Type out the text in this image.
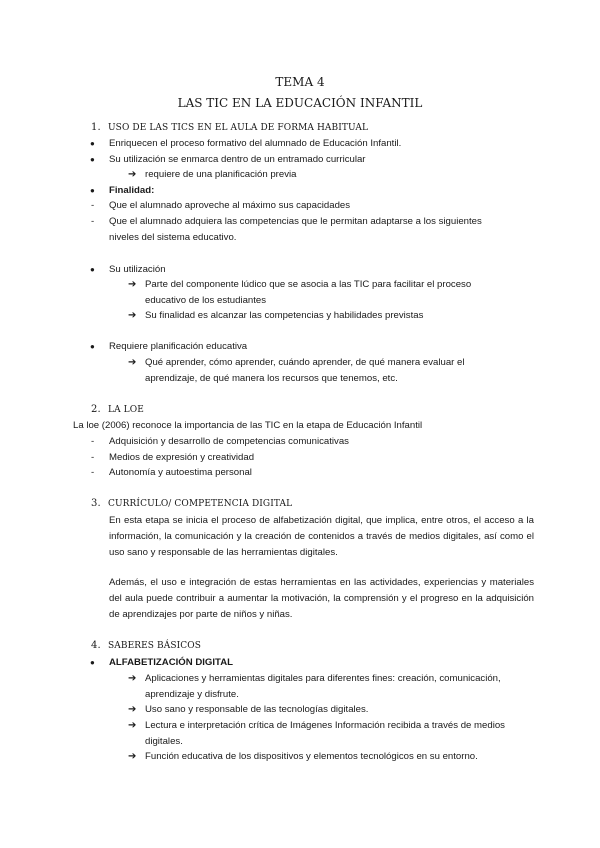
TEMA 4
LAS TIC EN LA EDUCACIÓN INFANTIL
1. USO DE LAS TICS EN EL AULA DE FORMA HABITUAL
● Enriquecen el proceso formativo del alumnado de Educación Infantil.
● Su utilización se enmarca dentro de un entramado curricular
➔ requiere de una planificación previa
● Finalidad:
- Que el alumnado aproveche al máximo sus capacidades
- Que el alumnado adquiera las competencias que le permitan adaptarse a los siguientes
niveles del sistema educativo.
● Su utilización
➔ Parte del componente lúdico que se asocia a las TIC para facilitar el proceso
educativo de los estudiantes
➔ Su finalidad es alcanzar las competencias y habilidades previstas
● Requiere planificación educativa
➔ Qué aprender, cómo aprender, cuándo aprender, de qué manera evaluar el
aprendizaje, de qué manera los recursos que tenemos, etc.
2. LA LOE
La loe (2006) reconoce la importancia de las TIC en la etapa de Educación Infantil
- Adquisición y desarrollo de competencias comunicativas
- Medios de expresión y creatividad
- Autonomía y autoestima personal
3. CURRÍCULO/ COMPETENCIA DIGITAL
En esta etapa se inicia el proceso de alfabetización digital, que implica, entre otros, el acceso a la información, la comunicación y la creación de contenidos a través de medios digitales, así como el uso sano y responsable de las herramientas digitales.
Además, el uso e integración de estas herramientas en las actividades, experiencias y materiales del aula puede contribuir a aumentar la motivación, la comprensión y el progreso en la adquisición de aprendizajes por parte de niños y niñas.
4. SABERES BÁSICOS
● ALFABETIZACIÓN DIGITAL
➔ Aplicaciones y herramientas digitales para diferentes fines: creación, comunicación,
aprendizaje y disfrute.
➔ Uso sano y responsable de las tecnologías digitales.
➔ Lectura e interpretación crítica de Imágenes Información recibida a través de medios
digitales.
➔ Función educativa de los dispositivos y elementos tecnológicos en su entorno.
